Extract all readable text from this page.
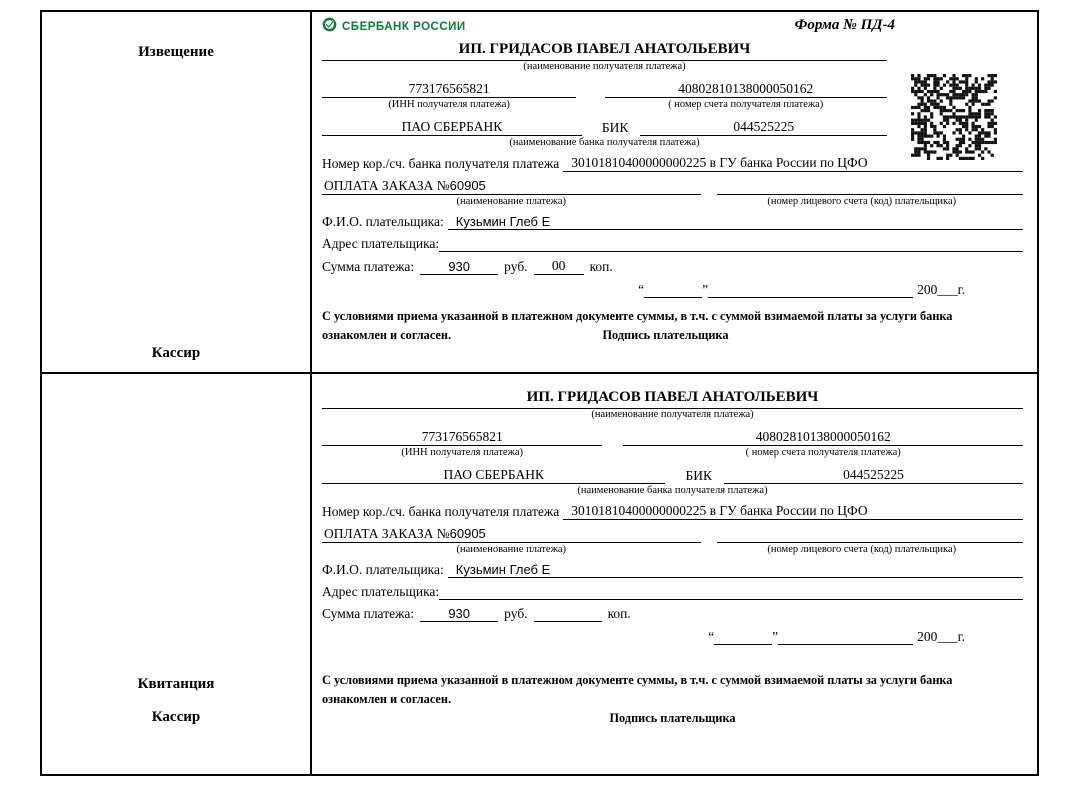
Извещение
Кассир
СБЕРБАНК РОССИИ	Форма № ПД-4
ИП. ГРИДАСОВ ПАВЕЛ АНАТОЛЬЕВИЧ
(наименование получателя платежа)
773176565821	40802810138000050162
(ИНН получателя платежа)	( номер счета получателя платежа)
ПАО СБЕРБАНК	БИК	044525225
(наименование банка получателя платежа)
Номер кор./сч. банка получателя платежа 30101810400000000225 в ГУ банка России по ЦФО
ОПЛАТА ЗАКАЗА №60905
(наименование платежа)	(номер лицевого счета (код) плательщика)
Ф.И.О. плательщика: Кузьмин Глеб Е
Адрес плательщика:
Сумма платежа:	930	руб.	00	коп.
“	”	200___г.
С условиями приема указанной в платежном документе суммы, в т.ч. с суммой взимаемой платы за услуги банка ознакомлен и согласен.	Подпись плательщика
Квитанция
Кассир
ИП. ГРИДАСОВ ПАВЕЛ АНАТОЛЬЕВИЧ
(наименование получателя платежа)
773176565821	40802810138000050162
(ИНН получателя платежа)	( номер счета получателя платежа)
ПАО СБЕРБАНК	БИК	044525225
(наименование банка получателя платежа)
Номер кор./сч. банка получателя платежа 30101810400000000225 в ГУ банка России по ЦФО
ОПЛАТА ЗАКАЗА №60905
(наименование платежа)	(номер лицевого счета (код) плательщика)
Ф.И.О. плательщика: Кузьмин Глеб Е
Адрес плательщика:
Сумма платежа:	930	руб.	коп.
“	”	200___г.
С условиями приема указанной в платежном документе суммы, в т.ч. с суммой взимаемой платы за услуги банка ознакомлен и согласен.
Подпись плательщика
